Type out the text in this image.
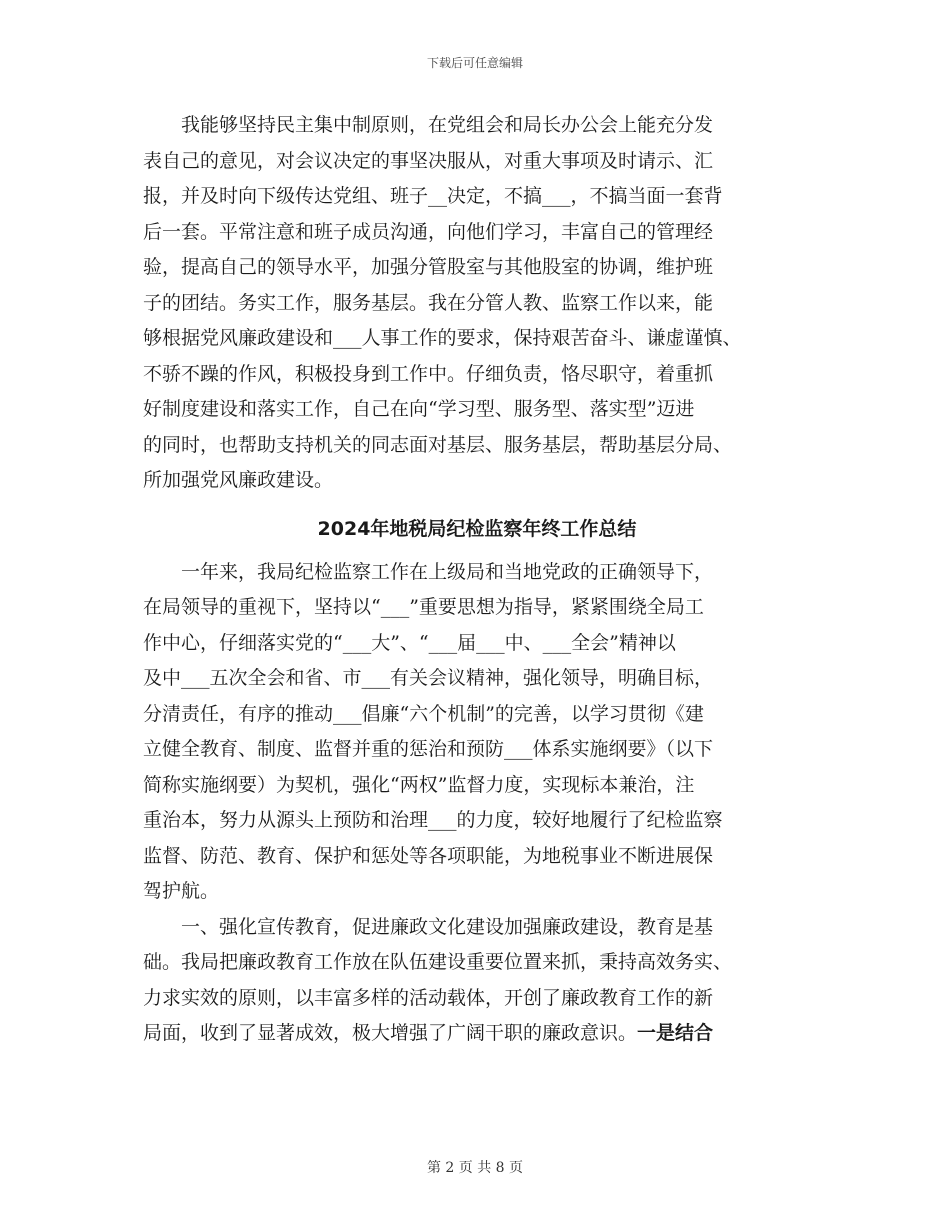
下载后可任意编辑
　　我能够坚持民主集中制原则，在党组会和局长办公会上能充分发
表自己的意见，对会议决定的事坚决服从，对重大事项及时请示、汇
报，并及时向下级传达党组、班子__决定，不搞___，不搞当面一套背
后一套。平常注意和班子成员沟通，向他们学习，丰富自己的管理经
验，提高自己的领导水平，加强分管股室与其他股室的协调，维护班
子的团结。务实工作，服务基层。我在分管人教、监察工作以来，能
够根据党风廉政建设和___人事工作的要求，保持艰苦奋斗、谦虚谨慎、
不骄不躁的作风，积极投身到工作中。仔细负责，恪尽职守，着重抓
好制度建设和落实工作，自己在向“学习型、服务型、落实型”迈进
的同时，也帮助支持机关的同志面对基层、服务基层，帮助基层分局、
所加强党风廉政建设。
2024年地税局纪检监察年终工作总结
　　一年来，我局纪检监察工作在上级局和当地党政的正确领导下，
在局领导的重视下，坚持以“___”重要思想为指导，紧紧围绕全局工
作中心，仔细落实党的“___大”、“___届___中、___全会”精神以
及中___五次全会和省、市___有关会议精神，强化领导，明确目标，
分清责任，有序的推动___倡廉“六个机制”的完善，以学习贯彻《建
立健全教育、制度、监督并重的惩治和预防___体系实施纲要》（以下
简称实施纲要）为契机，强化“两权”监督力度，实现标本兼治，注
重治本，努力从源头上预防和治理___的力度，较好地履行了纪检监察
监督、防范、教育、保护和惩处等各项职能，为地税事业不断进展保
驾护航。
　　一、强化宣传教育，促进廉政文化建设加强廉政建设，教育是基
础。我局把廉政教育工作放在队伍建设重要位置来抓，秉持高效务实、
力求实效的原则，以丰富多样的活动载体，开创了廉政教育工作的新
局面，收到了显著成效，极大增强了广阔干职的廉政意识。一是结合
第 2 页 共 8 页
